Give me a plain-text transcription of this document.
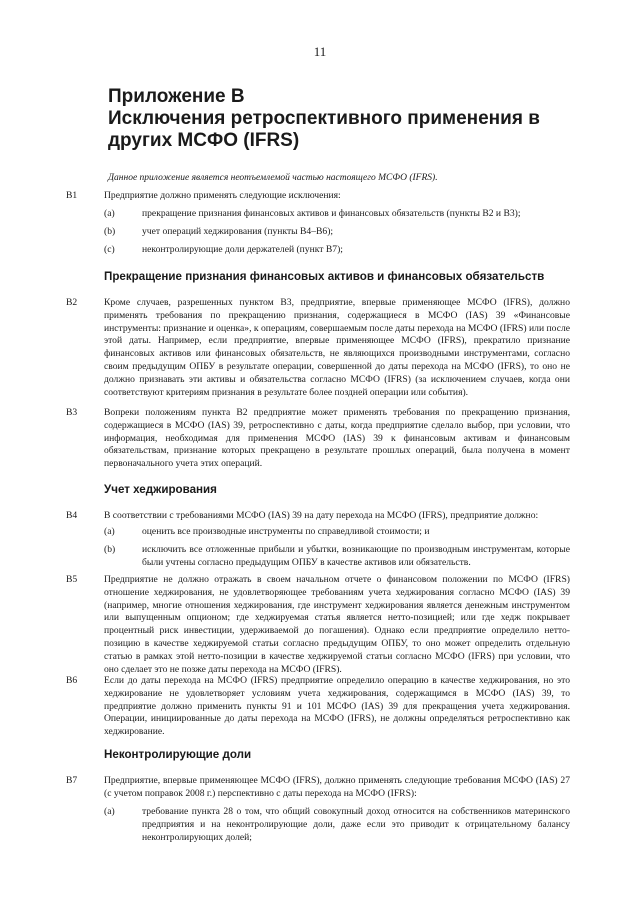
11
Приложение В
Исключения ретроспективного применения в
других МСФО (IFRS)
Данное приложение является неотъемлемой частью настоящего МСФО (IFRS).
B1	Предприятие должно применять следующие исключения:
(a)	прекращение признания финансовых активов и финансовых обязательств (пункты В2 и В3);
(b)	учет операций хеджирования (пункты В4–В6);
(c)	неконтролирующие доли держателей (пункт В7);
Прекращение признания финансовых активов и финансовых обязательств
B2	Кроме случаев, разрешенных пунктом В3, предприятие, впервые применяющее МСФО (IFRS), должно применять требования по прекращению признания, содержащиеся в МСФО (IAS) 39 «Финансовые инструменты: признание и оценка», к операциям, совершаемым после даты перехода на МСФО (IFRS) или после этой даты. Например, если предприятие, впервые применяющее МСФО (IFRS), прекратило признание финансовых активов или финансовых обязательств, не являющихся производными инструментами, согласно своим предыдущим ОПБУ в результате операции, совершенной до даты перехода на МСФО (IFRS), то оно не должно признавать эти активы и обязательства согласно МСФО (IFRS) (за исключением случаев, когда они соответствуют критериям признания в результате более поздней операции или события).
B3	Вопреки положениям пункта В2 предприятие может применять требования по прекращению признания, содержащиеся в МСФО (IAS) 39, ретроспективно с даты, когда предприятие сделало выбор, при условии, что информация, необходимая для применения МСФО (IAS) 39 к финансовым активам и финансовым обязательствам, признание которых прекращено в результате прошлых операций, была получена в момент первоначального учета этих операций.
Учет хеджирования
B4	В соответствии с требованиями МСФО (IAS) 39 на дату перехода на МСФО (IFRS), предприятие должно:
(a)	оценить все производные инструменты по справедливой стоимости; и
(b)	исключить все отложенные прибыли и убытки, возникающие по производным инструментам, которые были учтены согласно предыдущим ОПБУ в качестве активов или обязательств.
B5	Предприятие не должно отражать в своем начальном отчете о финансовом положении по МСФО (IFRS) отношение хеджирования, не удовлетворяющее требованиям учета хеджирования согласно МСФО (IAS) 39 (например, многие отношения хеджирования, где инструмент хеджирования является денежным инструментом или выпущенным опционом; где хеджируемая статья является нетто-позицией; или где хедж покрывает процентный риск инвестиции, удерживаемой до погашения). Однако если предприятие определило нетто-позицию в качестве хеджируемой статьи согласно предыдущим ОПБУ, то оно может определить отдельную статью в рамках этой нетто-позиции в качестве хеджируемой статьи согласно МСФО (IFRS) при условии, что оно сделает это не позже даты перехода на МСФО (IFRS).
B6	Если до даты перехода на МСФО (IFRS) предприятие определило операцию в качестве хеджирования, но это хеджирование не удовлетворяет условиям учета хеджирования, содержащимся в МСФО (IAS) 39, то предприятие должно применить пункты 91 и 101 МСФО (IAS) 39 для прекращения учета хеджирования. Операции, инициированные до даты перехода на МСФО (IFRS), не должны определяться ретроспективно как хеджирование.
Неконтролирующие доли
B7	Предприятие, впервые применяющее МСФО (IFRS), должно применять следующие требования МСФО (IAS) 27 (с учетом поправок 2008 г.) перспективно с даты перехода на МСФО (IFRS):
(a)	требование пункта 28 о том, что общий совокупный доход относится на собственников материнского предприятия и на неконтролирующие доли, даже если это приводит к отрицательному балансу неконтролирующих долей;
